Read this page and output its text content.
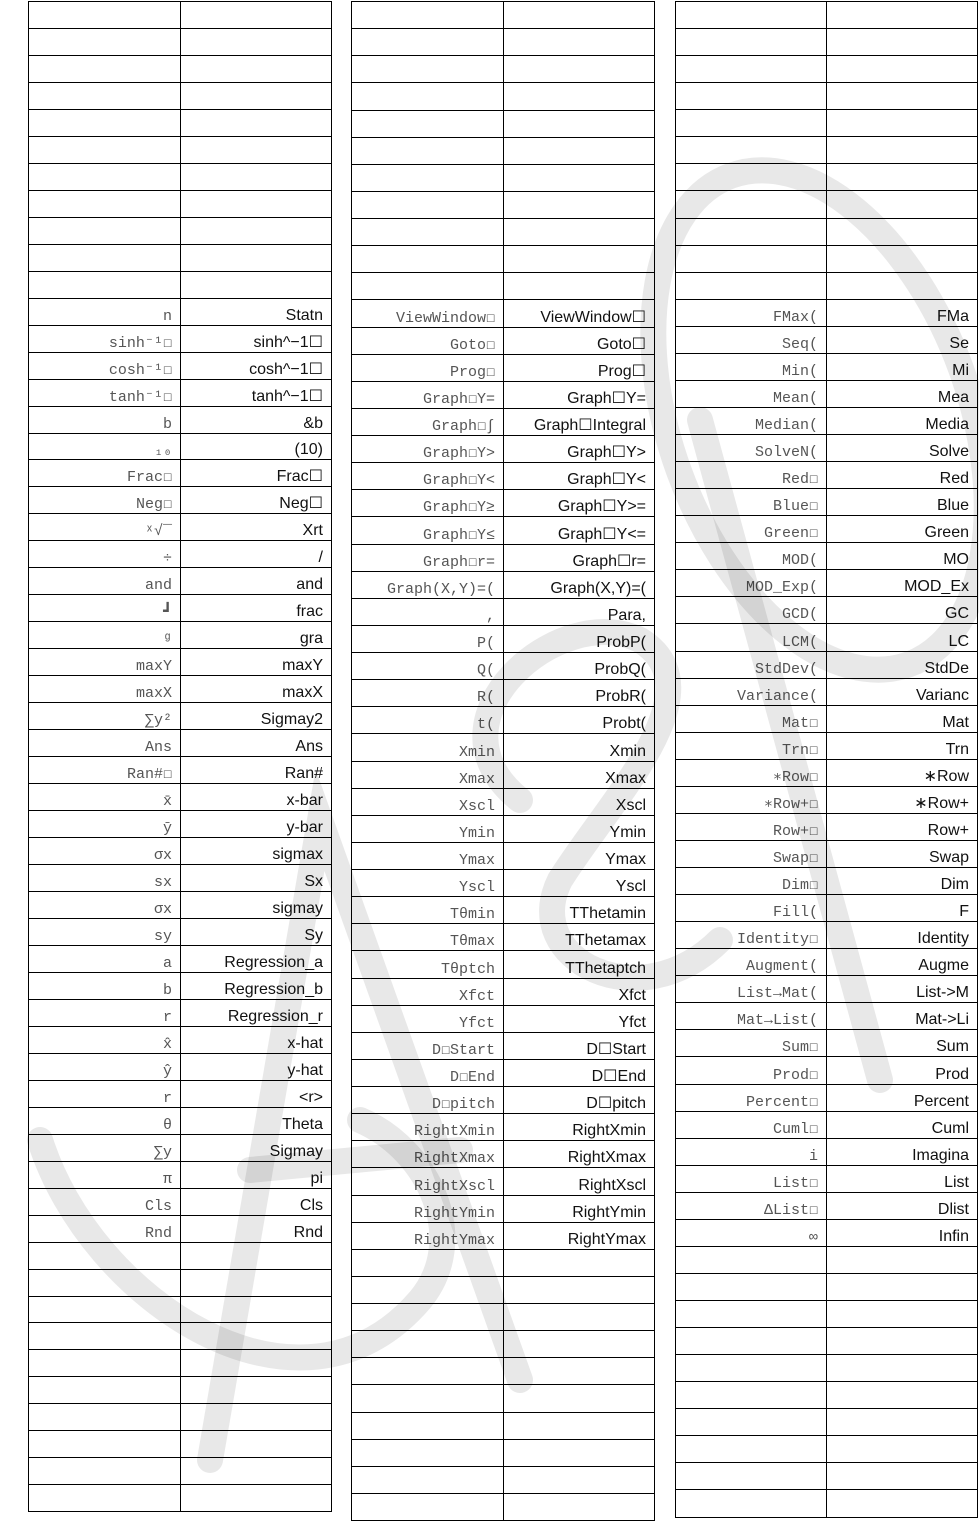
n	Statn
sinh⁻¹☐	sinh^−1☐
cosh⁻¹☐	cosh^−1☐
tanh⁻¹☐	tanh^−1☐
b	&b
₁₀	(10)
Frac☐	Frac☐
Neg☐	Neg☐
ˣ√‾	Xrt
÷	/
and	and
┛	frac
ᵍ	gra
maxY	maxY
maxX	maxX
∑y²	Sigmay2
Ans	Ans
Ran#☐	Ran#
x̄	x-bar
ȳ	y-bar
σx	sigmax
sx	Sx
σx	sigmay
sy	Sy
a	Regression_a
b	Regression_b
r	Regression_r
x̂	x-hat
ŷ	y-hat
r	<r>
θ	Theta
∑y	Sigmay
π	pi
Cls	Cls
Rnd	Rnd

ViewWindow☐	ViewWindow☐
Goto☐	Goto☐
Prog☐	Prog☐
Graph☐Y=	Graph☐Y=
Graph☐∫	Graph☐Integral
Graph☐Y>	Graph☐Y>
Graph☐Y<	Graph☐Y<
Graph☐Y≥	Graph☐Y>=
Graph☐Y≤	Graph☐Y<=
Graph☐r=	Graph☐r=
Graph(X,Y)=(	Graph(X,Y)=(
,	Para,
P(	ProbP(
Q(	ProbQ(
R(	ProbR(
t(	Probt(
Xmin	Xmin
Xmax	Xmax
Xscl	Xscl
Ymin	Ymin
Ymax	Ymax
Yscl	Yscl
Tθmin	TThetamin
Tθmax	TThetamax
Tθptch	TThetaptch
Xfct	Xfct
Yfct	Yfct
D☐Start	D☐Start
D☐End	D☐End
D☐pitch	D☐pitch
RightXmin	RightXmin
RightXmax	RightXmax
RightXscl	RightXscl
RightYmin	RightYmin
RightYmax	RightYmax

FMax(	FMa
Seq(	Se
Min(	Mi
Mean(	Mea
Median(	Media
SolveN(	Solve
Red☐	Red
Blue☐	Blue
Green☐	Green
MOD(	MO
MOD_Exp(	MOD_Ex
GCD(	GC
LCM(	LC
StdDev(	StdDe
Variance(	Varianc
Mat☐	Mat
Trn☐	Trn
∗Row☐	∗Row
∗Row+☐	∗Row+
Row+☐	Row+
Swap☐	Swap
Dim☐	Dim
Fill(	F
Identity☐	Identity
Augment(	Augme
List→Mat(	List->M
Mat→List(	Mat->Li
Sum☐	Sum
Prod☐	Prod
Percent☐	Percent
Cuml☐	Cuml
i	Imagina
List☐	List
ΔList☐	Dlist
∞	Infin
